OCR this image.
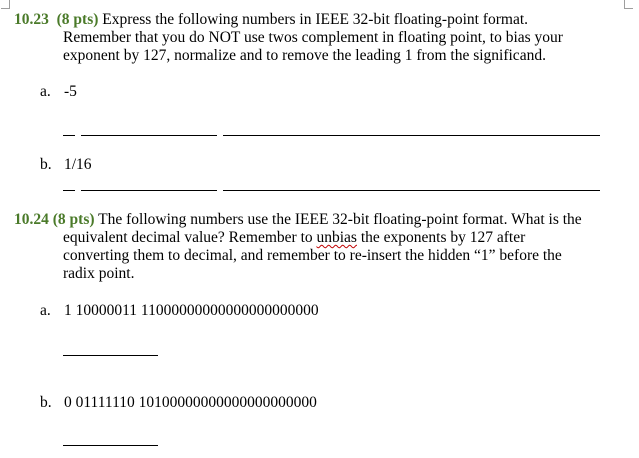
10.23 (8 pts) Express the following numbers in IEEE 32-bit floating-point format.
Remember that you do NOT use twos complement in floating point, to bias your
exponent by 127, normalize and to remove the leading 1 from the significand.
a. -5
b. 1/16
10.24 (8 pts) The following numbers use the IEEE 32-bit floating-point format. What is the
equivalent decimal value? Remember to unbias the exponents by 127 after
converting them to decimal, and remember to re-insert the hidden “1” before the
radix point.
a. 1 10000011 11000000000000000000000
b. 0 01111110 10100000000000000000000
